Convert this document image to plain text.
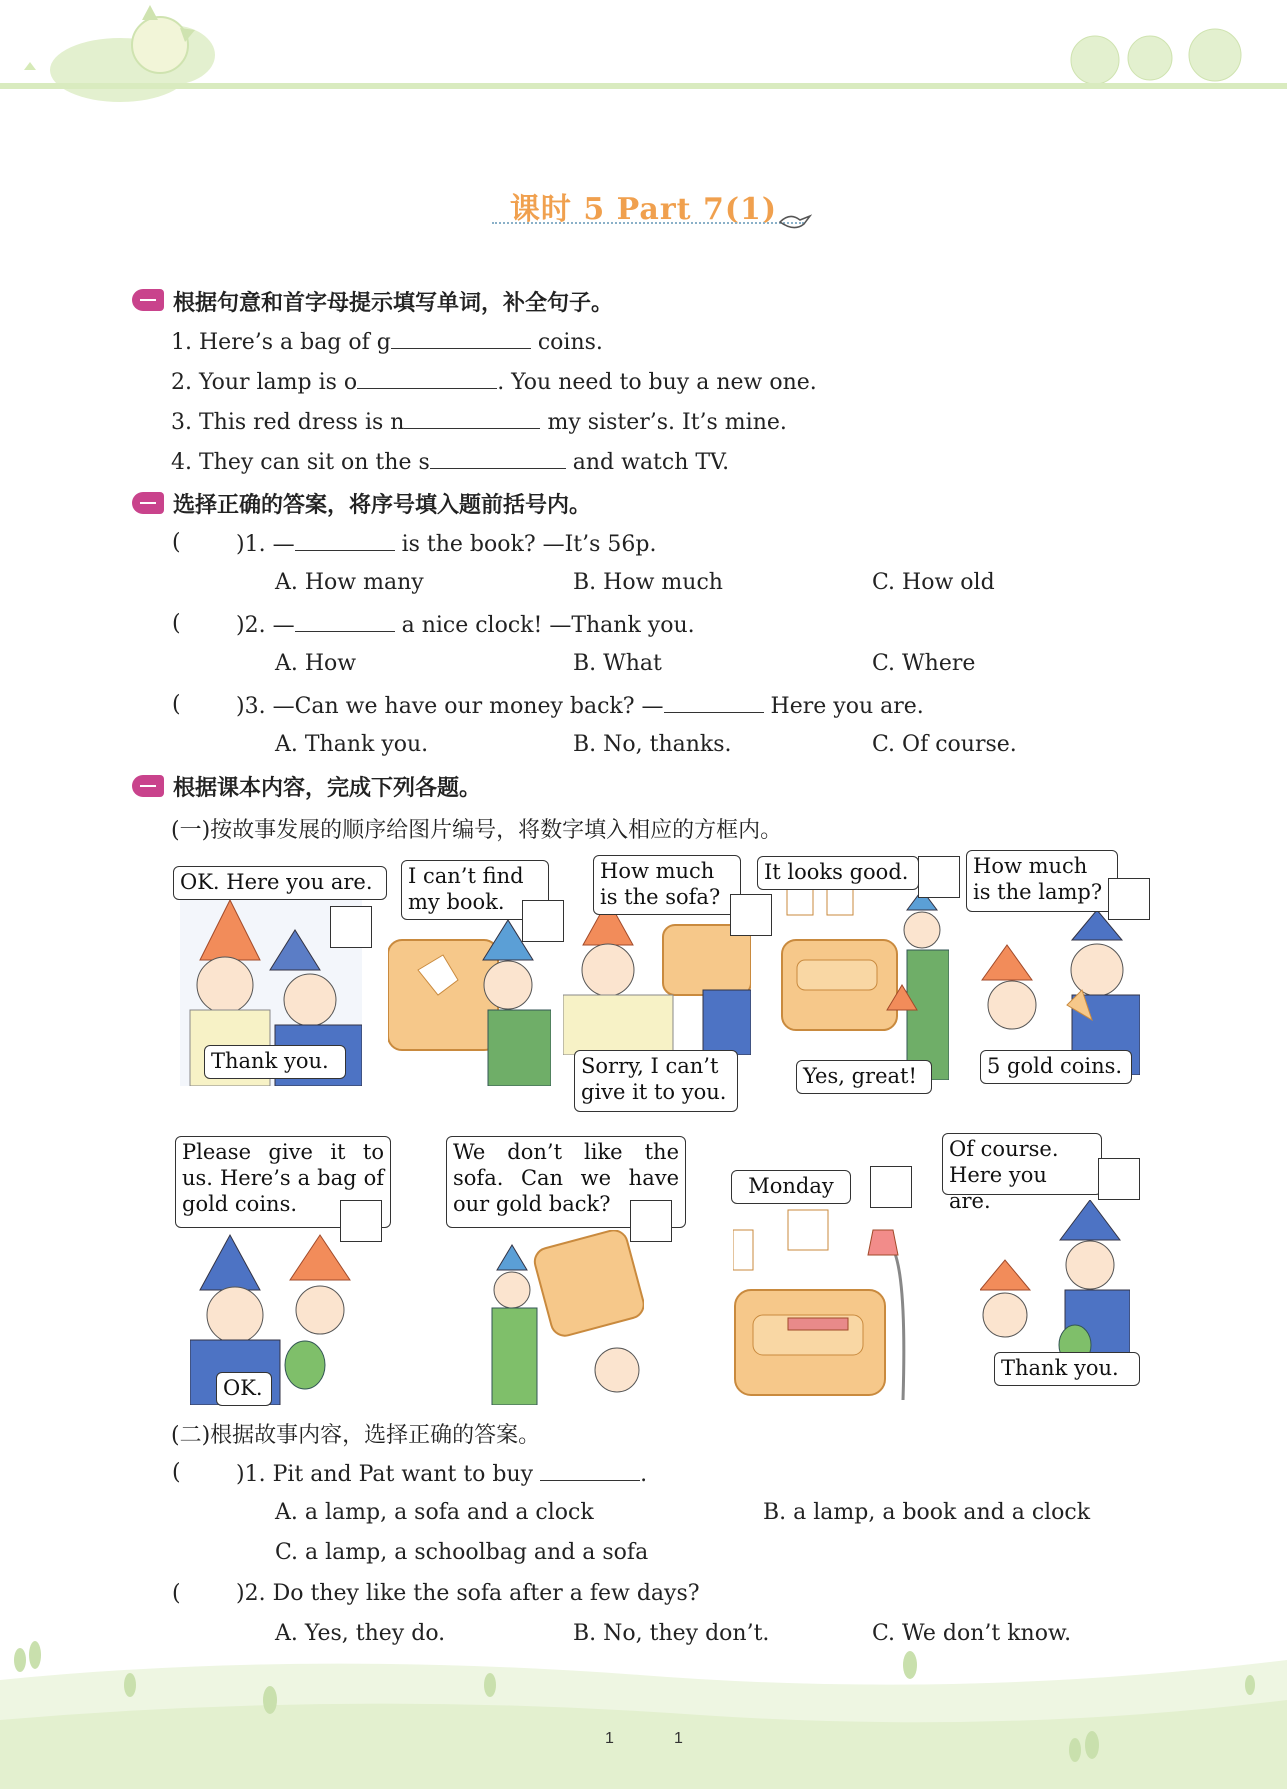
课时 5 Part 7(1)
根据句意和首字母提示填写单词，补全句子。
1. Here’s a bag of g	coins.
2. Your lamp is o	. You need to buy a new one.
3. This red dress is n	my sister’s. It’s mine.
4. They can sit on the s	and watch TV.
选择正确的答案，将序号填入题前括号内。
(	)1. —	is the book? —It’s 56p.
A. How many	B. How much	C. How old
(	)2. —	a nice clock! —Thank you.
A. How	B. What	C. Where
(	)3. —Can we have our money back? —	Here you are.
A. Thank you.	B. No, thanks.	C. Of course.
根据课本内容，完成下列各题。
(一)按故事发展的顺序给图片编号，将数字填入相应的方框内。
OK. Here you are.
Thank you.
I can’t find my book.
How much is the sofa?
Sorry, I can’t give it to you.
It looks good.
Yes, great!
How much is the lamp?
5 gold coins.
Please give it to us. Here’s a bag of gold coins.
OK.
We don’t like the sofa. Can we have our gold back?
Monday
Of course. Here you are.
Thank you.
(二)根据故事内容，选择正确的答案。
(	)1. Pit and Pat want to buy	.
A. a lamp, a sofa and a clock	B. a lamp, a book and a clock
C. a lamp, a schoolbag and a sofa
(	)2. Do they like the sofa after a few days?
A. Yes, they do.	B. No, they don’t.	C. We don’t know.
1	1
